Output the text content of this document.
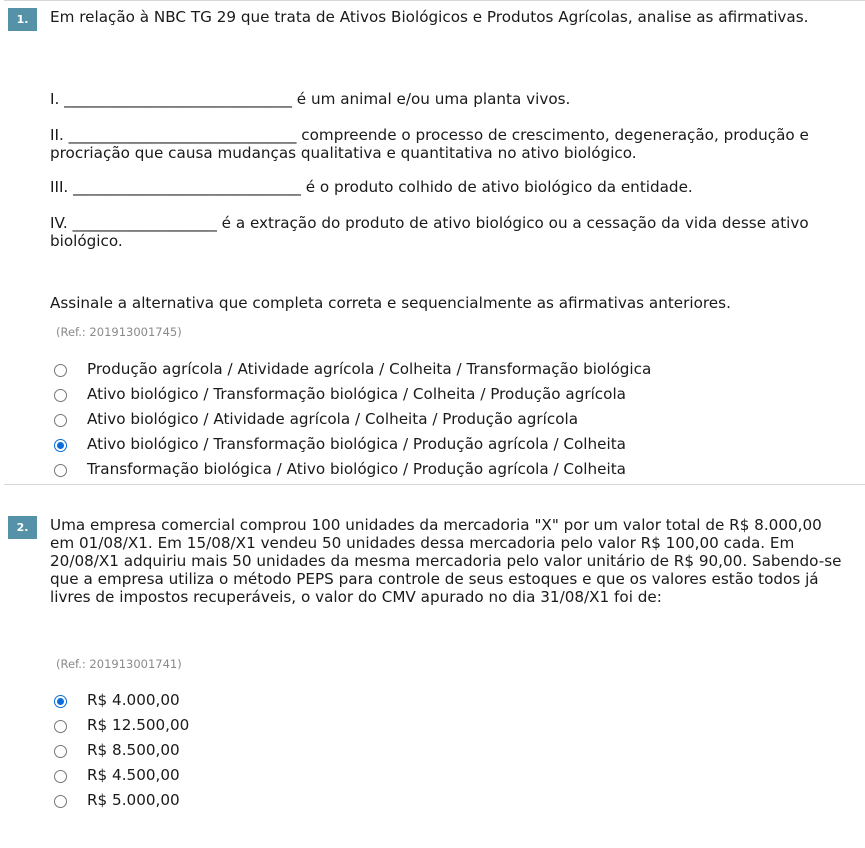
1.	Em relação à NBC TG 29 que trata de Ativos Biológicos e Produtos Agrícolas, analise as afirmativas.
I. ______________________________ é um animal e/ou uma planta vivos.
II. ______________________________ compreende o processo de crescimento, degeneração, produção e procriação que causa mudanças qualitativa e quantitativa no ativo biológico.
III. ______________________________ é o produto colhido de ativo biológico da entidade.
IV. ___________________ é a extração do produto de ativo biológico ou a cessação da vida desse ativo biológico.
Assinale a alternativa que completa correta e sequencialmente as afirmativas anteriores.
(Ref.: 201913001745)
Produção agrícola / Atividade agrícola / Colheita / Transformação biológica
Ativo biológico / Transformação biológica / Colheita / Produção agrícola
Ativo biológico / Atividade agrícola / Colheita / Produção agrícola
Ativo biológico / Transformação biológica / Produção agrícola / Colheita
Transformação biológica / Ativo biológico / Produção agrícola / Colheita
2.	Uma empresa comercial comprou 100 unidades da mercadoria "X" por um valor total de R$ 8.000,00 em 01/08/X1. Em 15/08/X1 vendeu 50 unidades dessa mercadoria pelo valor R$ 100,00 cada. Em 20/08/X1 adquiriu mais 50 unidades da mesma mercadoria pelo valor unitário de R$ 90,00. Sabendo-se que a empresa utiliza o método PEPS para controle de seus estoques e que os valores estão todos já livres de impostos recuperáveis, o valor do CMV apurado no dia 31/08/X1 foi de:
(Ref.: 201913001741)
R$ 4.000,00
R$ 12.500,00
R$ 8.500,00
R$ 4.500,00
R$ 5.000,00
